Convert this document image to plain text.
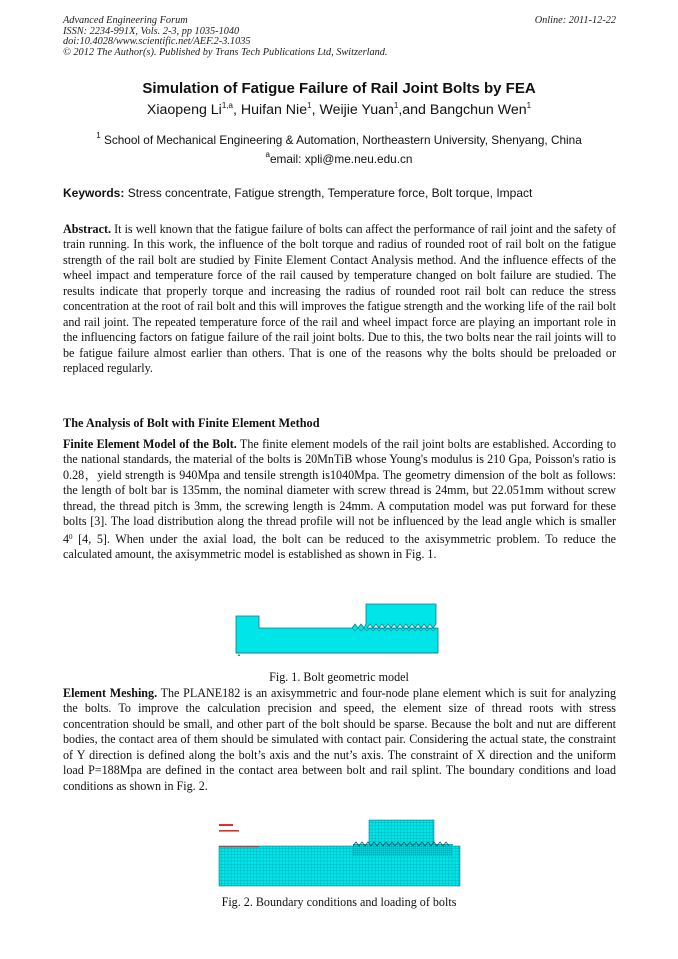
Advanced Engineering Forum
ISSN: 2234-991X, Vols. 2-3, pp 1035-1040
doi:10.4028/www.scientific.net/AEF.2-3.1035
© 2012 The Author(s). Published by Trans Tech Publications Ltd, Switzerland.
Online: 2011-12-22
Simulation of Fatigue Failure of Rail Joint Bolts by FEA
Xiaopeng Li$^{1,a}$, Huifan Nie$^1$, Weijie Yuan$^1$,and Bangchun Wen$^1$
$^1$ School of Mechanical Engineering & Automation, Northeastern University, Shenyang, China
$^a$email: xpli@me.neu.edu.cn
Keywords: Stress concentrate, Fatigue strength, Temperature force, Bolt torque, Impact
Abstract. It is well known that the fatigue failure of bolts can affect the performance of rail joint and the safety of train running. In this work, the influence of the bolt torque and radius of rounded root of rail bolt on the fatigue strength of the rail bolt are studied by Finite Element Contact Analysis method. And the influence effects of the wheel impact and temperature force of the rail caused by temperature changed on bolt failure are studied. The results indicate that properly torque and increasing the radius of rounded root rail bolt can reduce the stress concentration at the root of rail bolt and this will improves the fatigue strength and the working life of the rail bolt and rail joint. The repeated temperature force of the rail and wheel impact force are playing an important role in the influencing factors on fatigue failure of the rail joint bolts. Due to this, the two bolts near the rail joints will to be fatigue failure almost earlier than others. That is one of the reasons why the bolts should be preloaded or replaced regularly.
The Analysis of Bolt with Finite Element Method
Finite Element Model of the Bolt. The finite element models of the rail joint bolts are established. According to the national standards, the material of the bolts is 20MnTiB whose Young's modulus is 210 Gpa, Poisson's ratio is 0.28，yield strength is 940Mpa and tensile strength is1040Mpa. The geometry dimension of the bolt as follows: the length of bolt bar is 135mm, the nominal diameter with screw thread is 24mm, but 22.051mm without screw thread, the thread pitch is 3mm, the screwing length is 24mm. A computation model was put forward for these bolts [3]. The load distribution along the thread profile will not be influenced by the lead angle which is smaller $4^0$ [4, 5]. When under the axial load, the bolt can be reduced to the axisymmetric problem. To reduce the calculated amount, the axisymmetric model is established as shown in Fig. 1.
▲
Fig. 1. Bolt geometric model
Element Meshing. The PLANE182 is an axisymmetric and four-node plane element which is suit for analyzing the bolts. To improve the calculation precision and speed, the element size of thread roots with stress concentration should be small, and other part of the bolt should be sparse. Because the bolt and nut are different bodies, the contact area of them should be simulated with contact pair. Considering the actual state, the constraint of Y direction is defined along the bolt’s axis and the nut’s axis. The constraint of X direction and the uniform load P=188Mpa are defined in the contact area between bolt and rail splint. The boundary conditions and load conditions as shown in Fig. 2.
Fig. 2. Boundary conditions and loading of bolts
